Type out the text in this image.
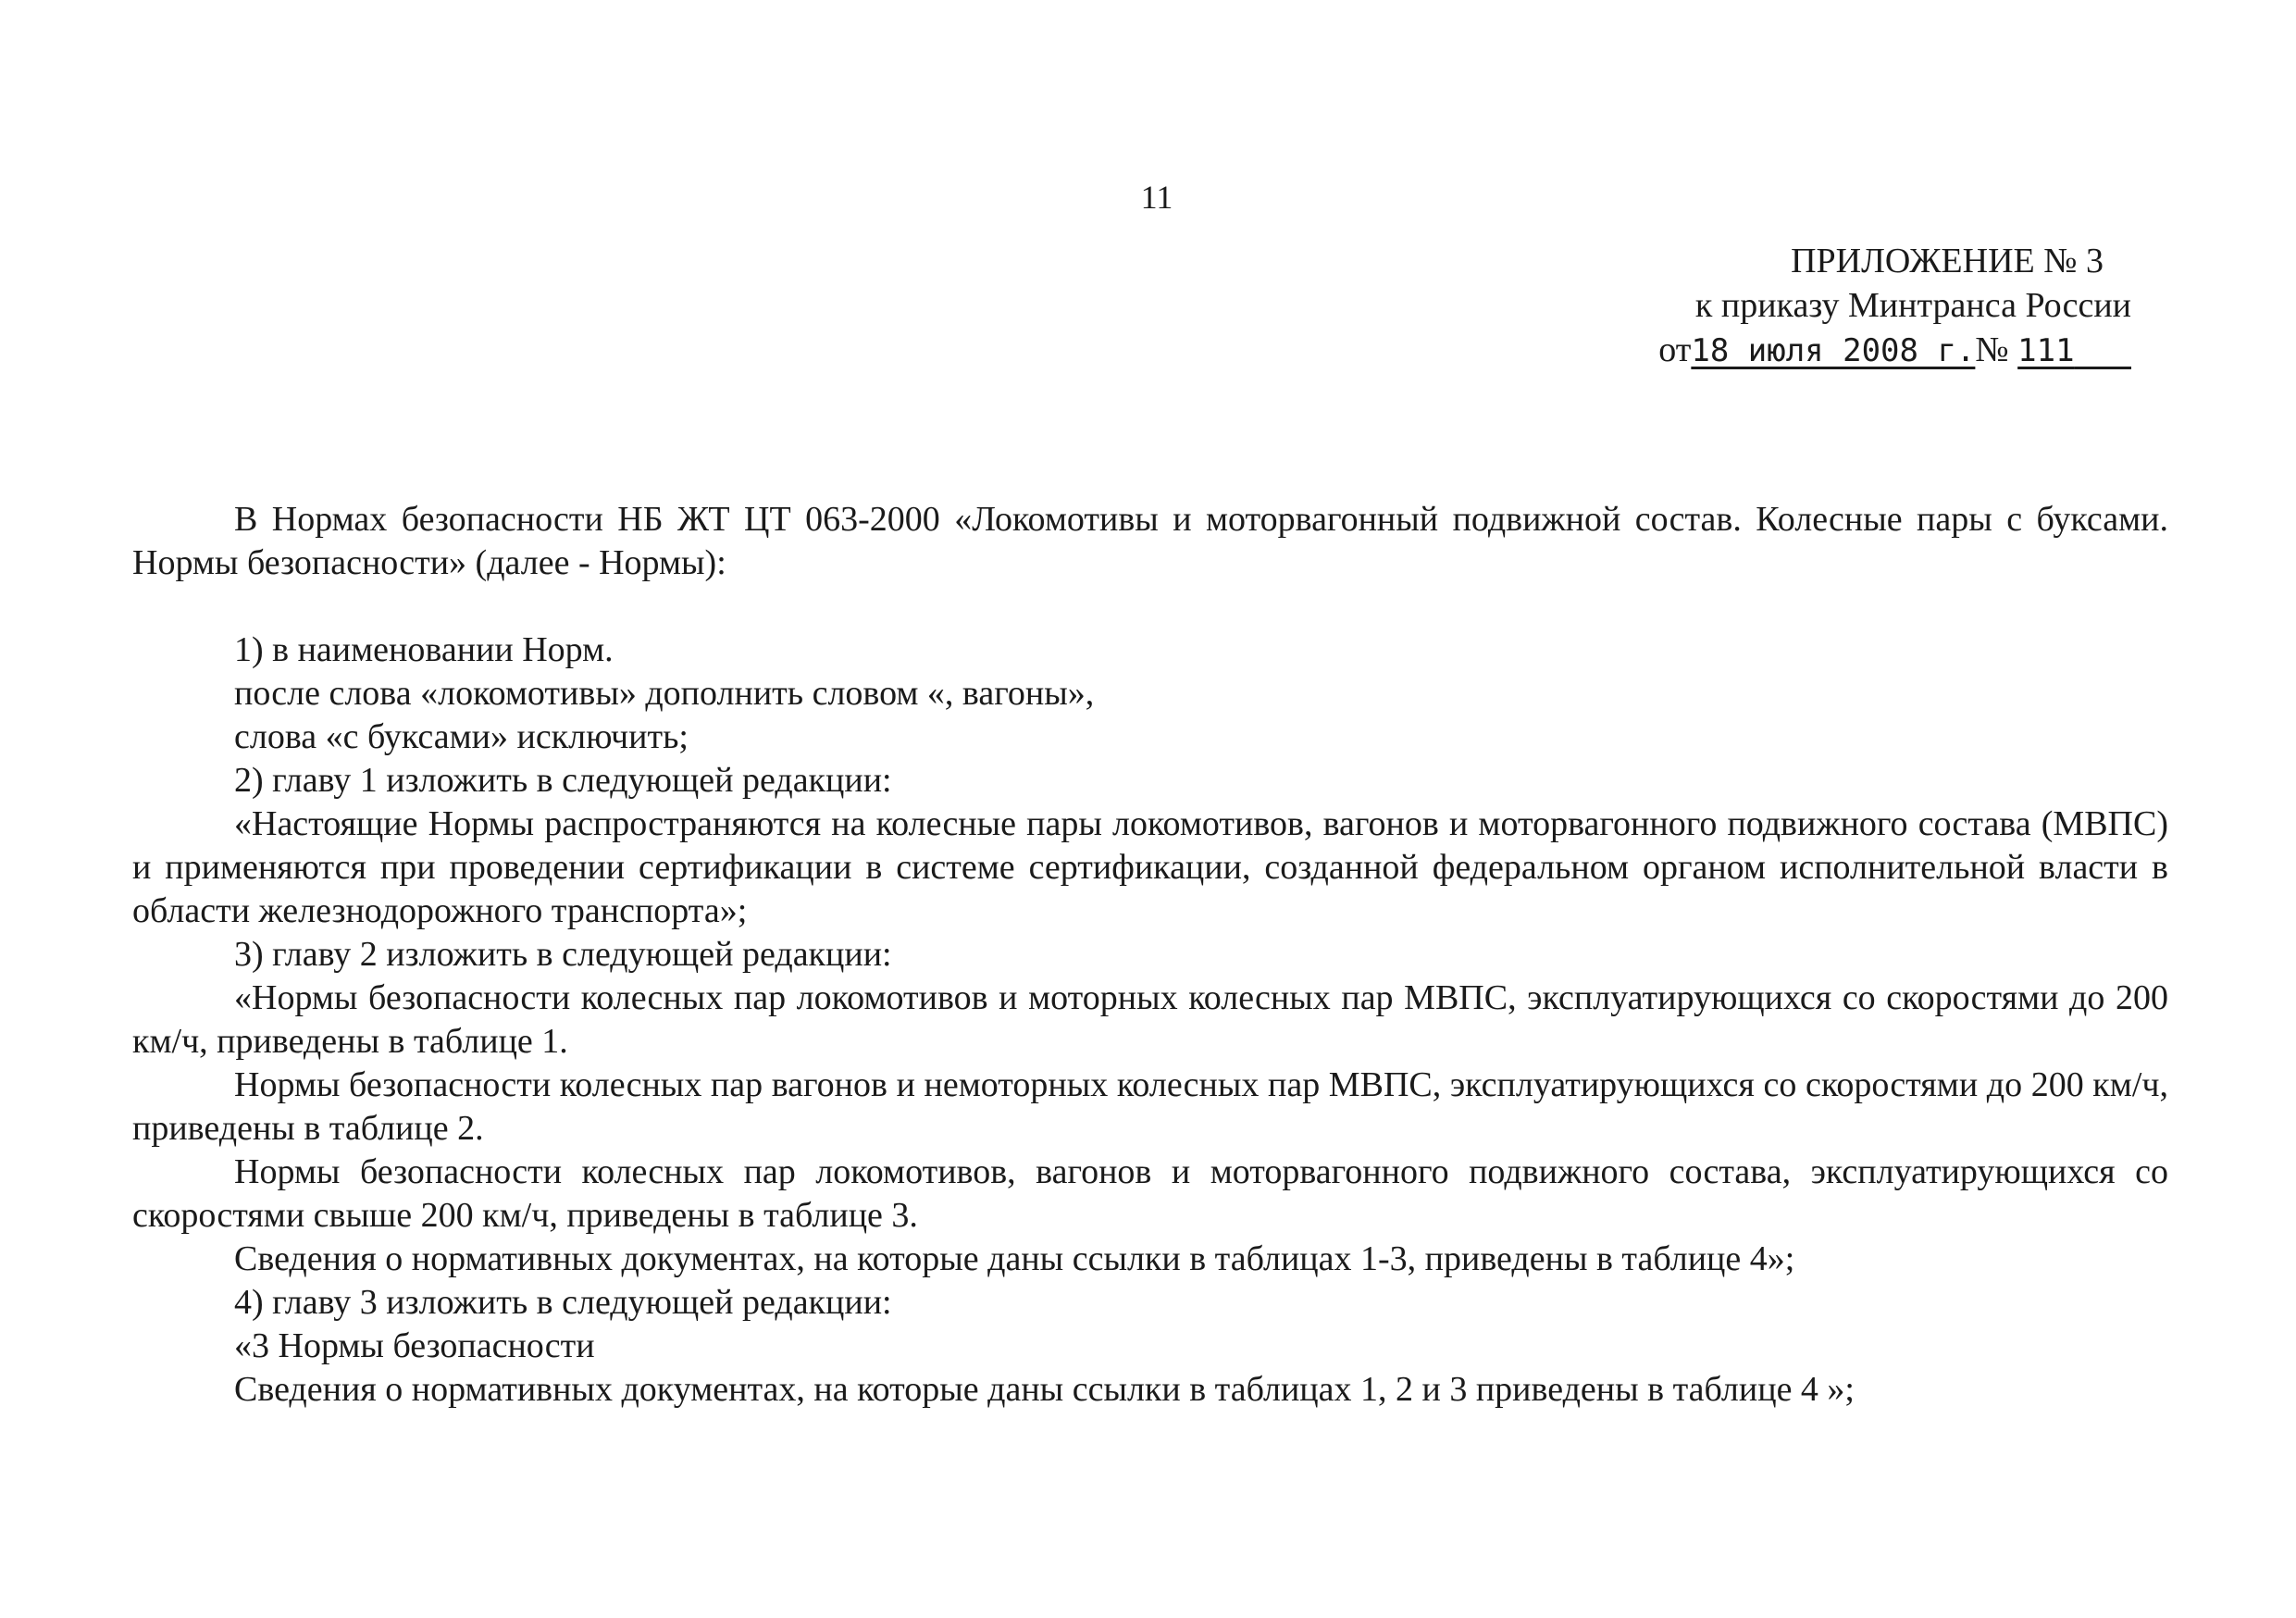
11
ПРИЛОЖЕНИЕ № 3
к приказу Минтранса России
от18 июля 2008 г.№ 111

В Нормах безопасности НБ ЖТ ЦТ 063-2000 «Локомотивы и моторвагонный подвижной состав. Колесные пары с буксами. Нормы безопасности» (далее - Нормы):

1) в наименовании Норм.

после слова «локомотивы» дополнить словом «, вагоны»,

слова «с буксами» исключить;

2) главу 1 изложить в следующей редакции:

«Настоящие Нормы распространяются на колесные пары локомотивов, вагонов и моторвагонного подвижного состава (МВПС) и применяются при проведении сертификации в системе сертификации, созданной федеральном органом исполнительной власти в области железнодорожного транспорта»;

3) главу 2 изложить в следующей редакции:

«Нормы безопасности колесных пар локомотивов и моторных колесных пар МВПС, эксплуатирующихся со скоростями до 200 км/ч, приведены в таблице 1.

Нормы безопасности колесных пар вагонов и немоторных колесных пар МВПС, эксплуатирующихся со скоростями до 200 км/ч, приведены в таблице 2.

Нормы безопасности колесных пар локомотивов, вагонов и моторвагонного подвижного состава, эксплуатирующихся со скоростями свыше 200 км/ч, приведены в таблице 3.

Сведения о нормативных документах, на которые даны ссылки в таблицах 1-3, приведены в таблице 4»;

4) главу 3 изложить в следующей редакции:

«3 Нормы безопасности

Сведения о нормативных документах, на которые даны ссылки в таблицах 1, 2 и 3 приведены в таблице 4 »;
